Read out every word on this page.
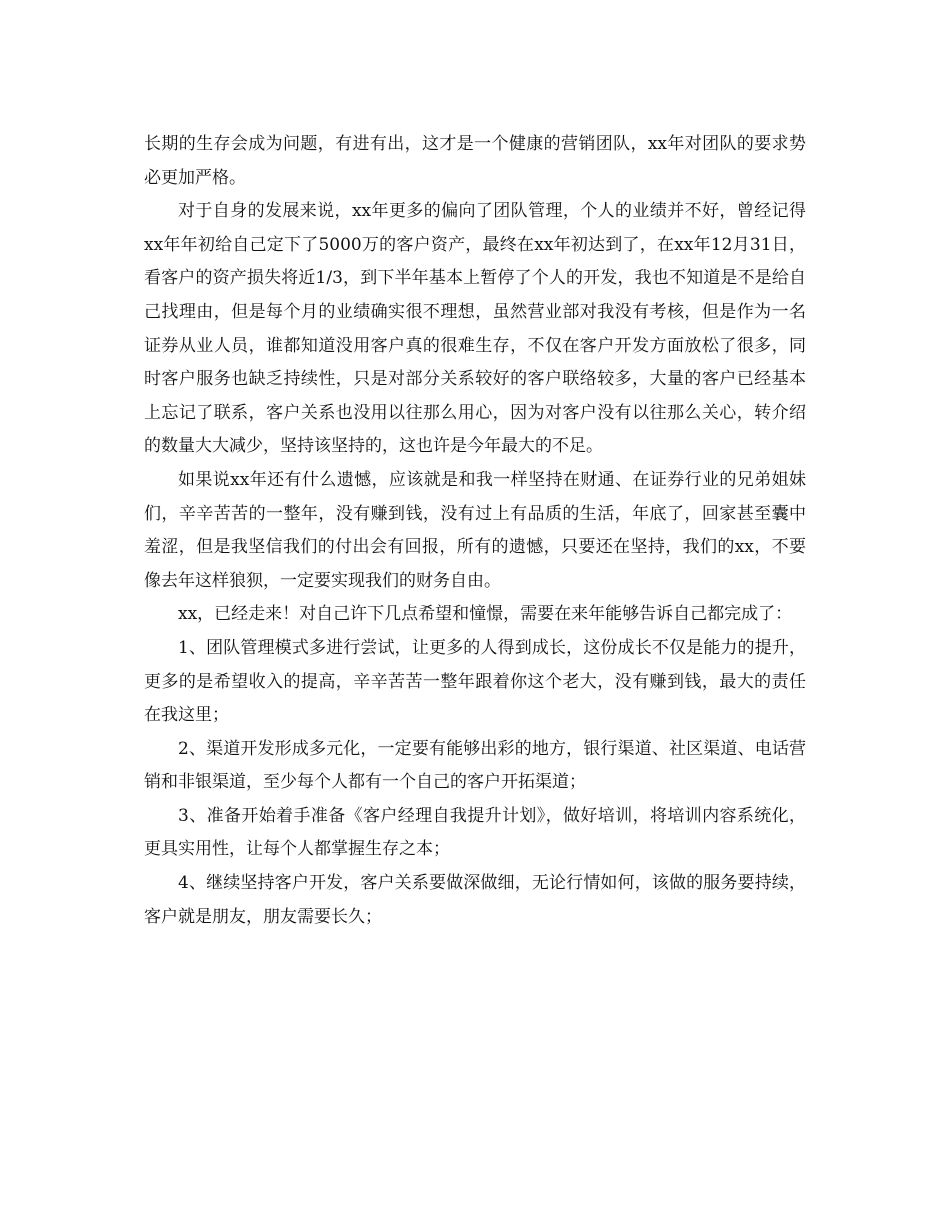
长期的生存会成为问题，有进有出，这才是一个健康的营销团队，xx年对团队的要求势必更加严格。

对于自身的发展来说，xx年更多的偏向了团队管理，个人的业绩并不好，曾经记得xx年年初给自己定下了5000万的客户资产，最终在xx年初达到了，在xx年12月31日，看客户的资产损失将近1/3，到下半年基本上暂停了个人的开发，我也不知道是不是给自己找理由，但是每个月的业绩确实很不理想，虽然营业部对我没有考核，但是作为一名证券从业人员，谁都知道没用客户真的很难生存，不仅在客户开发方面放松了很多，同时客户服务也缺乏持续性，只是对部分关系较好的客户联络较多，大量的客户已经基本上忘记了联系，客户关系也没用以往那么用心，因为对客户没有以往那么关心，转介绍的数量大大减少，坚持该坚持的，这也许是今年最大的不足。

如果说xx年还有什么遗憾，应该就是和我一样坚持在财通、在证券行业的兄弟姐妹们，辛辛苦苦的一整年，没有赚到钱，没有过上有品质的生活，年底了，回家甚至囊中羞涩，但是我坚信我们的付出会有回报，所有的遗憾，只要还在坚持，我们的xx，不要像去年这样狼狈，一定要实现我们的财务自由。

xx，已经走来！对自己许下几点希望和憧憬，需要在来年能够告诉自己都完成了：

1、团队管理模式多进行尝试，让更多的人得到成长，这份成长不仅是能力的提升，更多的是希望收入的提高，辛辛苦苦一整年跟着你这个老大，没有赚到钱，最大的责任在我这里；

2、渠道开发形成多元化，一定要有能够出彩的地方，银行渠道、社区渠道、电话营销和非银渠道，至少每个人都有一个自己的客户开拓渠道；

3、准备开始着手准备《客户经理自我提升计划》，做好培训，将培训内容系统化，更具实用性，让每个人都掌握生存之本；

4、继续坚持客户开发，客户关系要做深做细，无论行情如何，该做的服务要持续，客户就是朋友，朋友需要长久；
